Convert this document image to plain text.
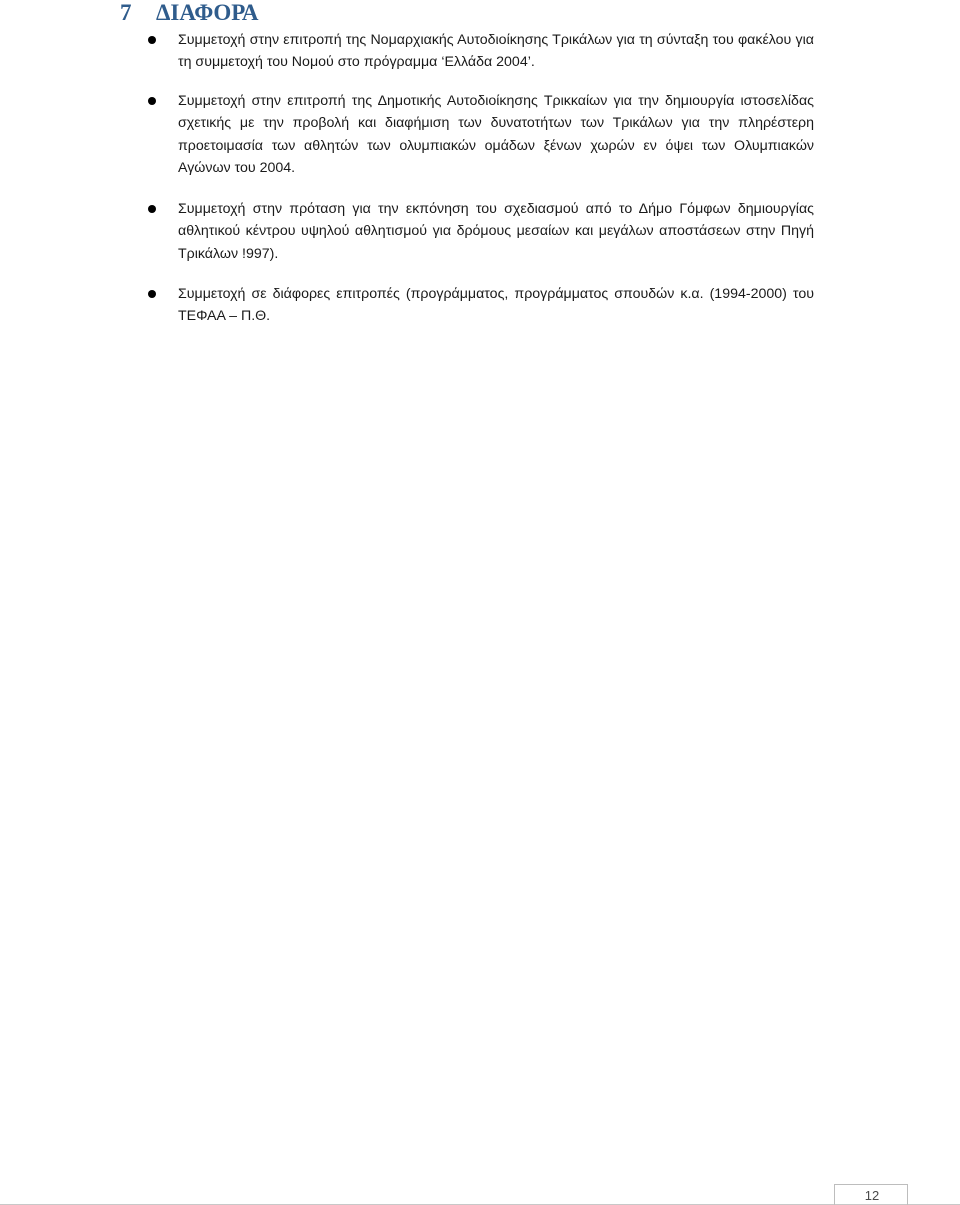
7 ΔΙΑΦΟΡΑ

Συμμετοχή στην επιτροπή της Νομαρχιακής Αυτοδιοίκησης Τρικάλων για τη σύνταξη του φακέλου για τη συμμετοχή του Νομού στο πρόγραμμα ‘Ελλάδα 2004’.

Συμμετοχή στην επιτροπή της Δημοτικής Αυτοδιοίκησης Τρικκαίων για την δημιουργία ιστοσελίδας σχετικής με την προβολή και διαφήμιση των δυνατοτήτων των Τρικάλων για την πληρέστερη προετοιμασία των αθλητών των ολυμπιακών ομάδων ξένων χωρών εν όψει των Ολυμπιακών Αγώνων του 2004.

Συμμετοχή στην πρόταση για την εκπόνηση του σχεδιασμού από το Δήμο Γόμφων δημιουργίας αθλητικού κέντρου υψηλού αθλητισμού για δρόμους μεσαίων και μεγάλων αποστάσεων στην Πηγή Τρικάλων !997).

Συμμετοχή σε διάφορες επιτροπές (προγράμματος, προγράμματος σπουδών κ.α. (1994-2000) του ΤΕΦΑΑ – Π.Θ.

12
